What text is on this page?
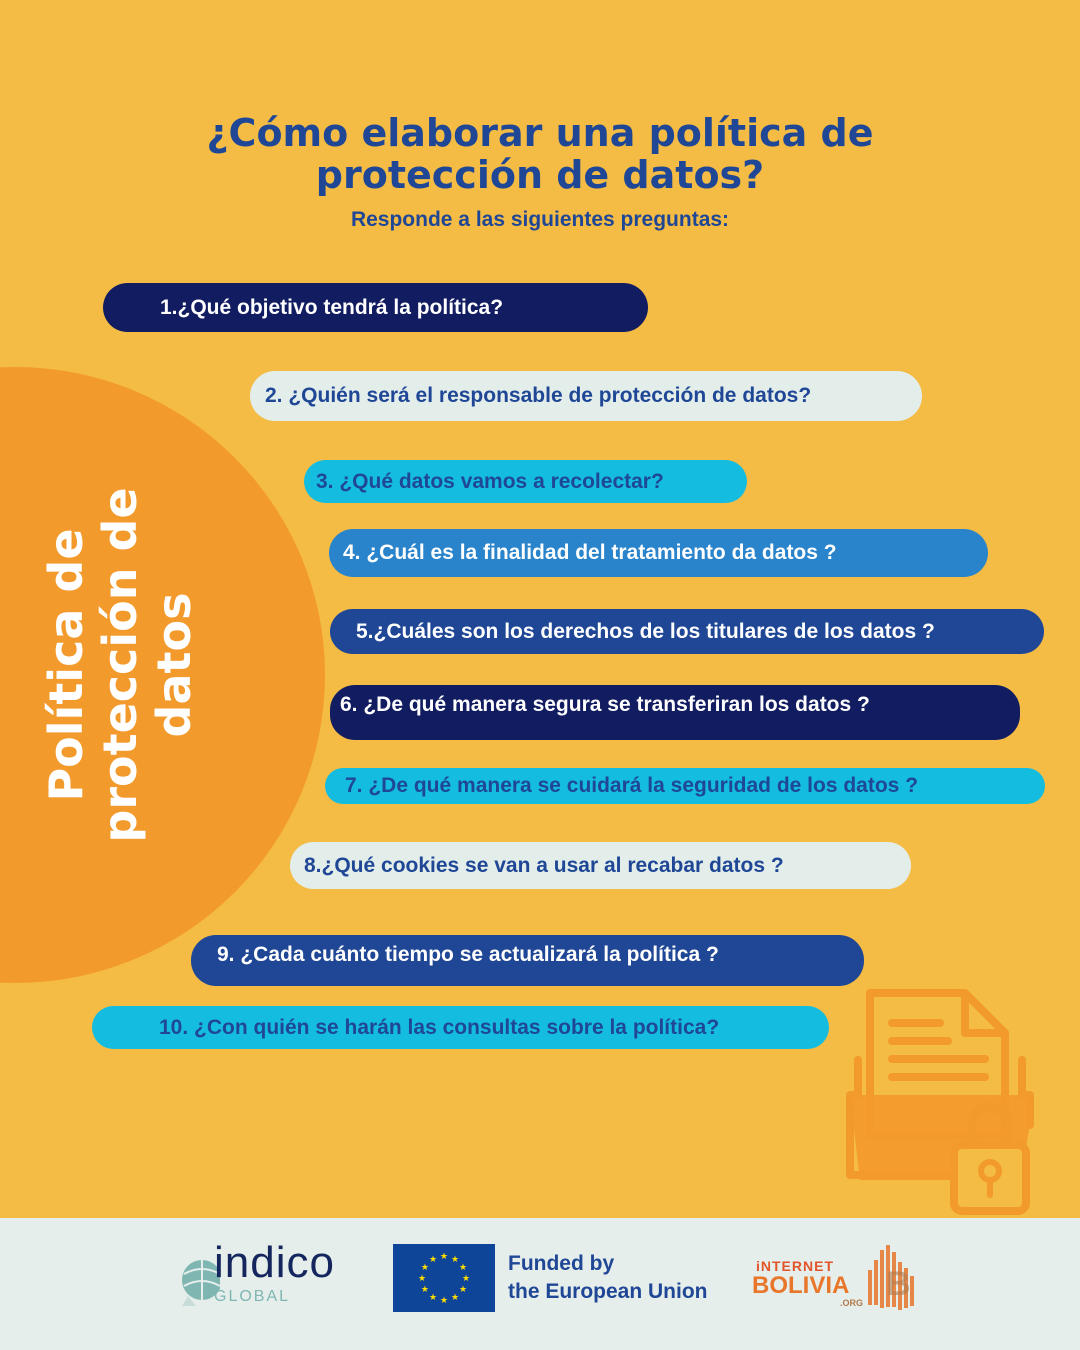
¿Cómo elaborar una política de
protección de datos?
Responde a las siguientes preguntas:
Política de protección de datos
1.¿Qué objetivo tendrá la política?
2. ¿Quién será el responsable de protección de datos?
3. ¿Qué datos vamos a recolectar?
4. ¿Cuál es la finalidad del tratamiento da datos ?
5.¿Cuáles son los derechos de los titulares de los datos ?
6. ¿De qué manera segura se transferiran los datos ?
7. ¿De qué manera se cuidará la seguridad de los datos ?
8.¿Qué cookies se van a usar al recabar datos ?
9. ¿Cada cuánto tiempo se actualizará la política ?
10. ¿Con quién se harán las consultas sobre la política?
indico
GLOBAL
★
★
★
★
★
★
★
★
★ ★ ★
★ Funded by
the European Union
iNTERNET
BOLIVIA
.ORG B
